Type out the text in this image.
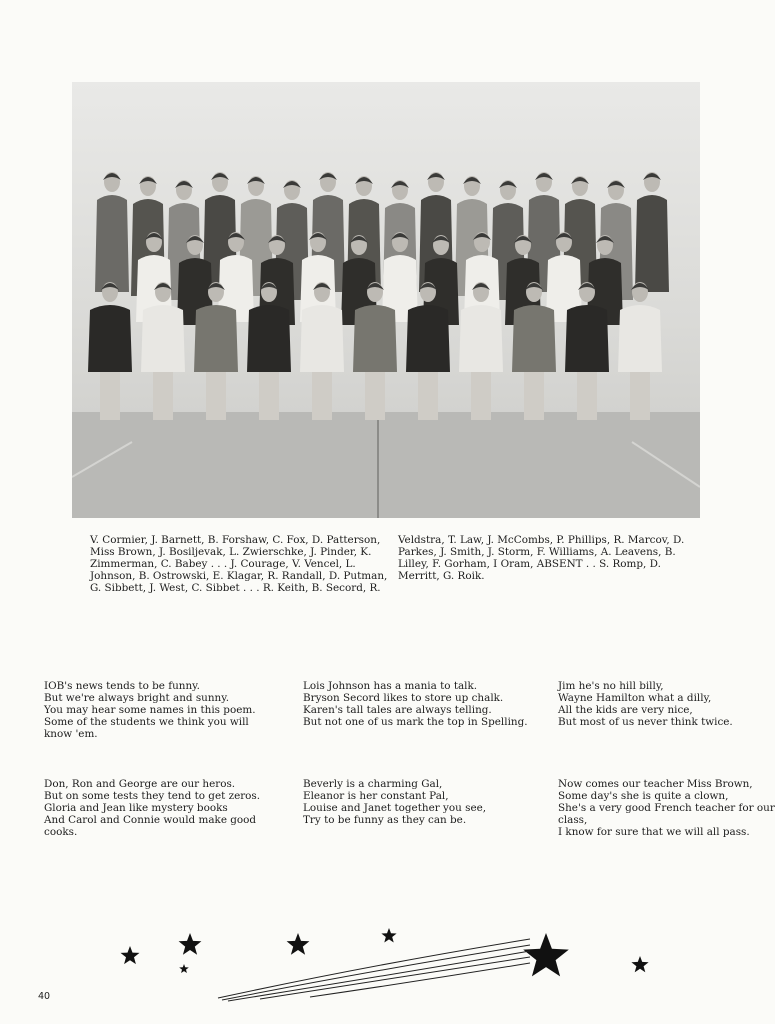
V. Cormier, J. Barnett, B. Forshaw, C. Fox, D. Patterson,
Miss Brown, J. Bosiljevak, L. Zwierschke, J. Pinder, K.
Zimmerman, C. Babey . . . J. Courage, V. Vencel, L.
Johnson, B. Ostrowski, E. Klagar, R. Randall, D. Putman,
G. Sibbett, J. West, C. Sibbet . . . R. Keith, B. Secord, R.
Veldstra, T. Law, J. McCombs, P. Phillips, R. Marcov, D.
Parkes, J. Smith, J. Storm, F. Williams, A. Leavens, B.
Lilley, F. Gorham, I Oram, ABSENT . . S. Romp, D.
Merritt, G. Roik.
IOB's news tends to be funny.
But we're always bright and sunny.
You may hear some names in this poem.
Some of the students we think you will
know 'em.
Lois Johnson has a mania to talk.
Bryson Secord likes to store up chalk.
Karen's tall tales are always telling.
But not one of us mark the top in Spelling.
Jim he's no hill billy,
Wayne Hamilton what a dilly,
All the kids are very nice,
But most of us never think twice.
Don, Ron and George are our heros.
But on some tests they tend to get zeros.
Gloria and Jean like mystery books
And Carol and Connie would make good
cooks.
Beverly is a charming Gal,
Eleanor is her constant Pal,
Louise and Janet together you see,
Try to be funny as they can be.
Now comes our teacher Miss Brown,
Some day's she is quite a clown,
She's a very good French teacher for our
class,
I know for sure that we will all pass.
40
